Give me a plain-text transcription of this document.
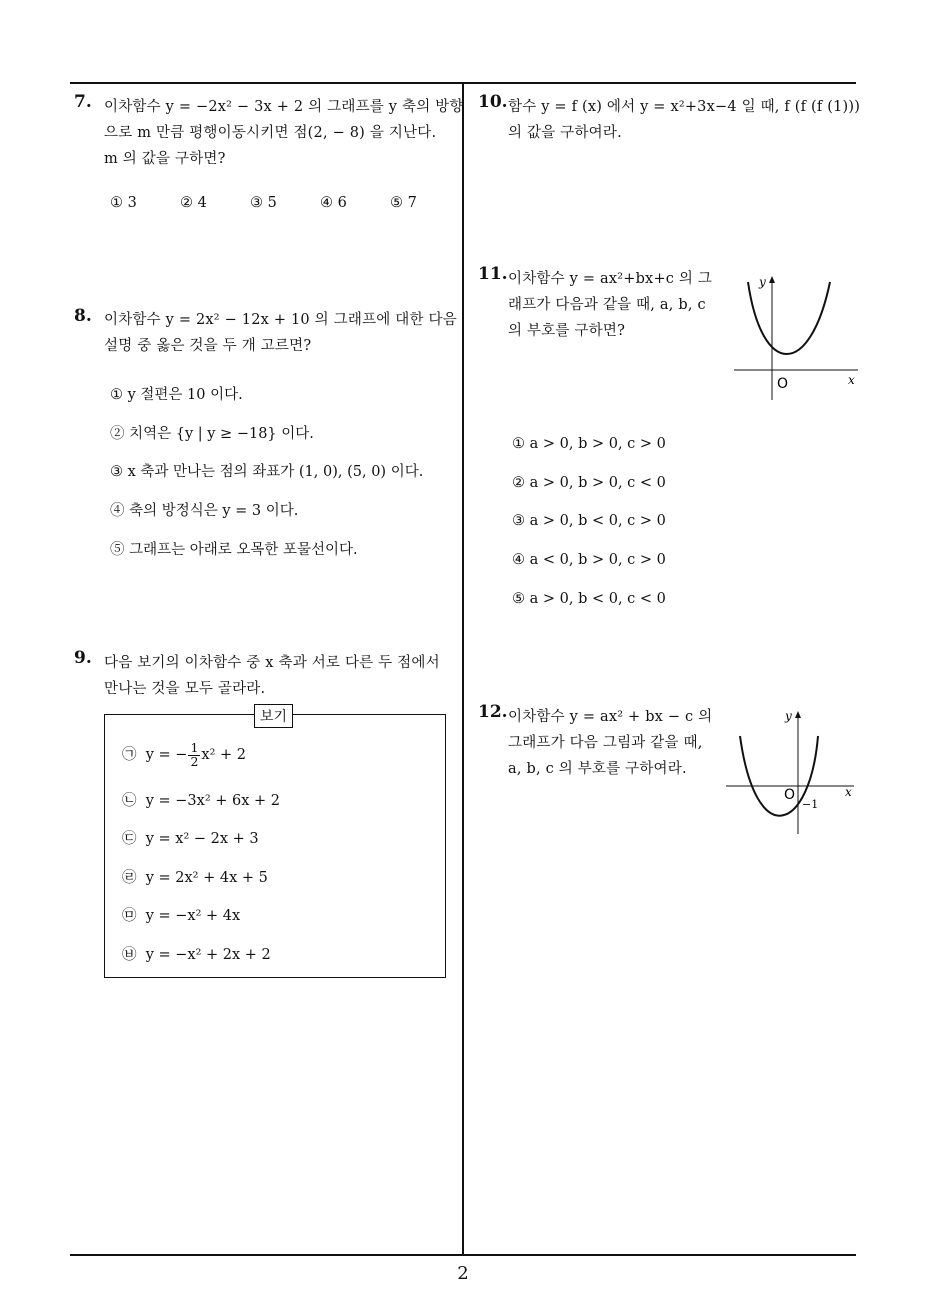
7. 이차함수 y = −2x² − 3x + 2 의 그래프를 y 축의 방향
으로 m 만큼 평행이동시키면 점(2, − 8) 을 지난다.
m 의 값을 구하면?
① 3	② 4	③ 5	④ 6	⑤ 7
8. 이차함수 y = 2x² − 12x + 10 의 그래프에 대한 다음
설명 중 옳은 것을 두 개 고르면?
① y 절편은 10 이다.
② 치역은 {y | y ≥ −18} 이다.
③ x 축과 만나는 점의 좌표가 (1, 0), (5, 0) 이다.
④ 축의 방정식은 y = 3 이다.
⑤ 그래프는 아래로 오목한 포물선이다.
9. 다음 보기의 이차함수 중 x 축과 서로 다른 두 점에서
만나는 것을 모두 골라라.
보기
㉠ y = − $\frac{1}{2} x^2 + 2$
㉡ y = −3x² + 6x + 2
㉢ y = x² − 2x + 3
㉣ y = 2x² + 4x + 5
㉤ y = −x² + 4x
㉥ y = −x² + 2x + 2
10. 함수 y = f (x) 에서 y = x²+3x−4 일 때, f (f (f (1)))
의 값을 구하여라.
11. 이차함수 y = ax²+bx+c 의 그
래프가 다음과 같을 때, a, b, c
의 부호를 구하면?
y
x
O
① a > 0, b > 0, c > 0
② a > 0, b > 0, c < 0
③ a > 0, b < 0, c > 0
④ a < 0, b > 0, c > 0
⑤ a > 0, b < 0, c < 0
12. 이차함수 y = ax² + bx − c 의
그래프가 다음 그림과 같을 때,
a, b, c 의 부호를 구하여라.
y
x
O
−1
2
